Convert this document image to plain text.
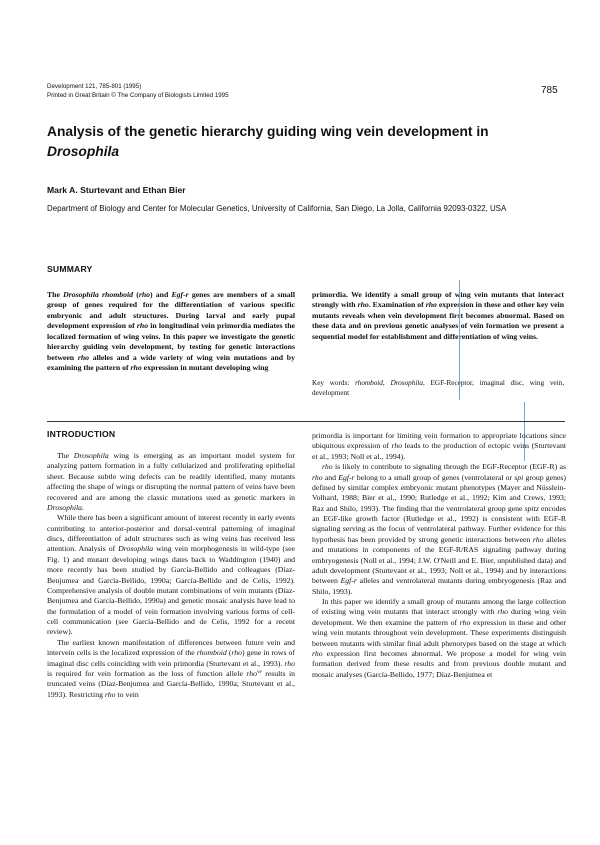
Development 121, 785-801 (1995)
Printed in Great Britain © The Company of Biologists Limited 1995	785
Analysis of the genetic hierarchy guiding wing vein development in
Drosophila
Mark A. Sturtevant and Ethan Bier
Department of Biology and Center for Molecular Genetics, University of California, San Diego, La Jolla, California 92093-0322, USA
SUMMARY
The Drosophila rhomboid (rho) and Egf-r genes are members of a small group of genes required for the differentiation of various specific embryonic and adult structures. During larval and early pupal development expression of rho in longitudinal vein primordia mediates the localized formation of wing veins. In this paper we investigate the genetic hierarchy guiding vein development, by testing for genetic interactions between rho alleles and a wide variety of wing vein mutations and by examining the pattern of rho expression in mutant developing wing
primordia. We identify a small group of wing vein mutants that interact strongly with rho. Examination of rho expression in these and other key vein mutants reveals when vein development first becomes abnormal. Based on these data and on previous genetic analyses of vein formation we present a sequential model for establishment and differentiation of wing veins.
Key words: rhomboid, Drosophila, EGF-Receptor, imaginal disc, wing vein, development
INTRODUCTION

The Drosophila wing is emerging as an important model system for analyzing pattern formation in a fully cellularized and proliferating epithelial sheet. Because subtle wing defects can be readily identified, many mutants affecting the shape of wings or disrupting the normal pattern of veins have been recovered and are among the classic mutations used as genetic markers in Drosophila.

While there has been a significant amount of interest recently in early events contributing to anterior-posterior and dorsal-ventral patterning of imaginal discs, differentiation of adult structures such as wing veins has received less attention. Analysis of Drosophila wing vein morphogenesis in wild-type (see Fig. 1) and mutant developing wings dates back to Waddington (1940) and more recently has been studied by García-Bellido and colleagues (Díaz-Benjumea and García-Bellido, 1990a; García-Bellido and de Celis, 1992). Comprehensive analysis of double mutant combinations of vein mutants (Díaz-Benjumea and García-Bellido, 1990a) and genetic mosaic analysis have lead to the formulation of a model of vein formation involving various forms of cell-cell communication (see García-Bellido and de Celis, 1992 for a recent review).

The earliest known manifestation of differences between future vein and intervein cells is the localized expression of the rhomboid (rho) gene in rows of imaginal disc cells coinciding with vein primordia (Sturtevant et al., 1993). rho is required for vein formation as the loss of function allele rho$^{ve}$ results in truncated veins (Díaz-Benjumea and García-Bellido, 1990a; Sturtevant et al., 1993). Restricting rho to vein

primordia is important for limiting vein formation to appropriate locations since ubiquitous expression of rho leads to the production of ectopic veins (Sturtevant et al., 1993; Noll et al., 1994).

rho is likely to contribute to signaling through the EGF-Receptor (EGF-R) as rho and Egf-r belong to a small group of genes (ventrolateral or spi group genes) defined by similar complex embryonic mutant phenotypes (Mayer and Nüsslein-Volhard, 1988; Bier et al., 1990; Rutledge et al., 1992; Kim and Crews, 1993; Raz and Shilo, 1993). The finding that the ventrolateral group gene spitz encodes an EGF-like growth factor (Rutledge et al., 1992) is consistent with EGF-R signaling serving as the focus of ventrolateral pathway. Further evidence for this hypothesis has been provided by strong genetic interactions between rho alleles and mutations in components of the EGF-R/RAS signaling pathway during embryogenesis (Noll et al., 1994; J.W. O'Neill and E. Bier, unpublished data) and adult development (Sturtevant et al., 1993; Noll et al., 1994) and by interactions between Egf-r alleles and ventrolateral mutants during embryogenesis (Raz and Shilo, 1993).

In this paper we identify a small group of mutants among the large collection of existing wing vein mutants that interact strongly with rho during wing vein development. We then examine the pattern of rho expression in these and other wing vein mutants throughout vein development. These experiments distinguish between mutants with similar final adult phenotypes based on the stage at which rho expression first becomes abnormal. We propose a model for wing vein formation derived from these results and from previous double mutant and mosaic analyses (García-Bellido, 1977; Díaz-Benjumea et
